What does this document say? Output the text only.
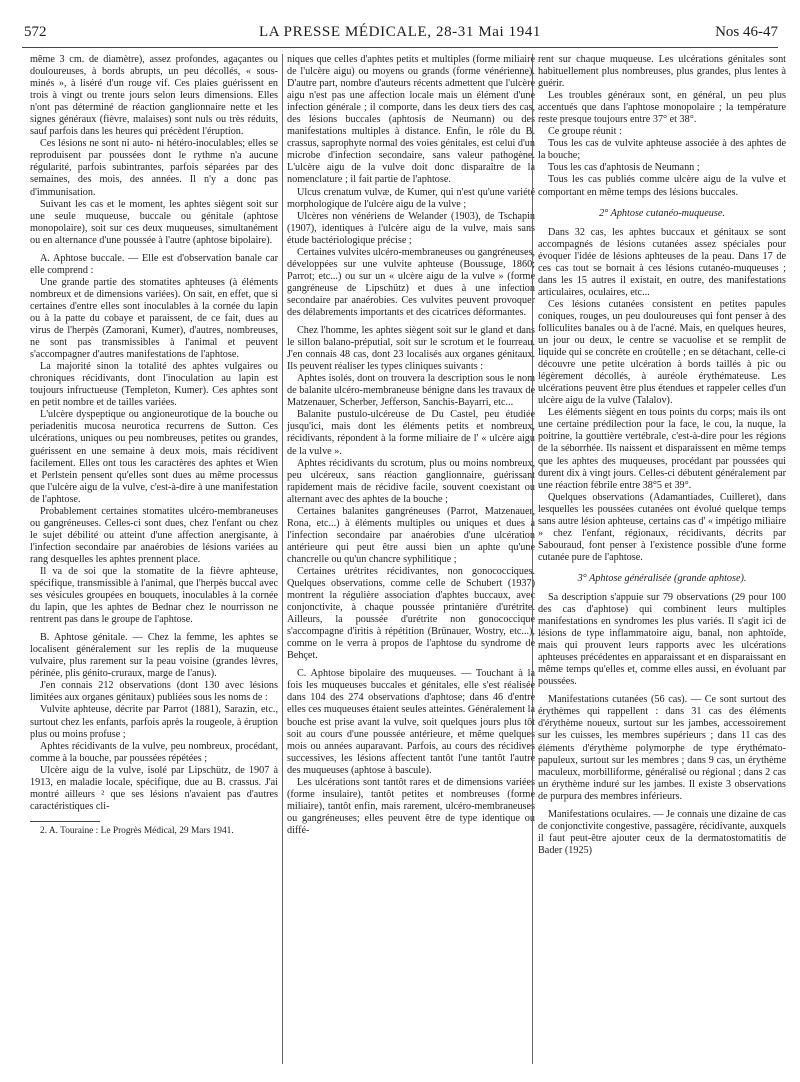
572	LA PRESSE MÉDICALE, 28-31 Mai 1941	Nos 46-47

même 3 cm. de diamètre), assez profondes, agaçantes ou douloureuses, à bords abrupts, un peu décollés, « sous-minés », à liséré d'un rouge vif. Ces plaies guérissent en trois à vingt ou trente jours selon leurs dimensions. Elles n'ont pas déterminé de réaction ganglionnaire nette et les signes généraux (fièvre, malaises) sont nuls ou très réduits, sauf parfois dans les heures qui précèdent l'éruption.

Ces lésions ne sont ni auto- ni hétéro-inoculables; elles se reproduisent par poussées dont le rythme n'a aucune régularité, parfois subintrantes, parfois séparées par des semaines, des mois, des années. Il n'y a donc pas d'immunisation.

Suivant les cas et le moment, les aphtes siègent soit sur une seule muqueuse, buccale ou génitale (aphtose monopolaire), soit sur ces deux muqueuses, simultanément ou en alternance d'une poussée à l'autre (aphtose bipolaire).

A. Aphtose buccale. — Elle est d'observation banale car elle comprend :

Une grande partie des stomatites aphteuses (à éléments nombreux et de dimensions variées). On sait, en effet, que si certaines d'entre elles sont inoculables à la cornée du lapin ou à la patte du cobaye et paraissent, de ce fait, dues au virus de l'herpès (Zamorani, Kumer), d'autres, nombreuses, ne sont pas transmissibles à l'animal et peuvent s'accompagner d'autres manifestations de l'aphtose.

La majorité sinon la totalité des aphtes vulgaires ou chroniques récidivants, dont l'inoculation au lapin est toujours infructueuse (Templeton, Kumer). Ces aphtes sont en petit nombre et de tailles variées.

L'ulcère dyspeptique ou angioneurotique de la bouche ou periadenitis mucosa neurotica recurrens de Sutton. Ces ulcérations, uniques ou peu nombreuses, petites ou grandes, guérissent en une semaine à deux mois, mais récidivent facilement. Elles ont tous les caractères des aphtes et Wien et Perlstein pensent qu'elles sont dues au même processus que l'ulcère aigu de la vulve, c'est-à-dire à une manifestation de l'aphtose.

Probablement certaines stomatites ulcéro-membraneuses ou gangréneuses. Celles-ci sont dues, chez l'enfant ou chez le sujet débilité ou atteint d'une affection anergisante, à l'infection secondaire par anaérobies de lésions variées au rang desquelles les aphtes prennent place.

Il va de soi que la stomatite de la fièvre aphteuse, spécifique, transmissible à l'animal, que l'herpès buccal avec ses vésicules groupées en bouquets, inoculables à la cornée du lapin, que les aphtes de Bednar chez le nourrisson ne rentrent pas dans le groupe de l'aphtose.

B. Aphtose génitale. — Chez la femme, les aphtes se localisent généralement sur les replis de la muqueuse vulvaire, plus rarement sur la peau voisine (grandes lèvres, périnée, plis génito-cruraux, marge de l'anus).

J'en connais 212 observations (dont 130 avec lésions limitées aux organes génitaux) publiées sous les noms de :

Vulvite aphteuse, décrite par Parrot (1881), Sarazin, etc., surtout chez les enfants, parfois après la rougeole, à éruption plus ou moins profuse ;

Aphtes récidivants de la vulve, peu nombreux, procédant, comme à la bouche, par poussées répétées ;

Ulcère aigu de la vulve, isolé par Lipschütz, de 1907 à 1913, en maladie locale, spécifique, due au B. crassus. J'ai montré ailleurs ² que ses lésions n'avaient pas d'autres caractéristiques cli-

2. A. Touraine : Le Progrès Médical, 29 Mars 1941.

niques que celles d'aphtes petits et multiples (forme miliaire de l'ulcère aigu) ou moyens ou grands (forme vénérienne). D'autre part, nombre d'auteurs récents admettent que l'ulcère aigu n'est pas une affection locale mais un élément d'une infection générale ; il comporte, dans les deux tiers des cas, des lésions buccales (aphtosis de Neumann) ou des manifestations multiples à distance. Enfin, le rôle du B. crassus, saprophyte normal des voies génitales, est celui d'un microbe d'infection secondaire, sans valeur pathogène. L'ulcère aigu de la vulve doit donc disparaître de la nomenclature ; il fait partie de l'aphtose.

Ulcus crenatum vulvæ, de Kumer, qui n'est qu'une variété morphologique de l'ulcère aigu de la vulve ;

Ulcères non vénériens de Welander (1903), de Tschapin (1907), identiques à l'ulcère aigu de la vulve, mais sans étude bactériologique précise ;

Certaines vulvites ulcéro-membraneuses ou gangréneuses, développées sur une vulvite aphteuse (Boussuge, 1860; Parrot; etc...) ou sur un « ulcère aigu de la vulve » (forme gangréneuse de Lipschütz) et dues à une infection secondaire par anaérobies. Ces vulvites peuvent provoquer des délabrements importants et des cicatrices déformantes.

Chez l'homme, les aphtes siègent soit sur le gland et dans le sillon balano-préputial, soit sur le scrotum et le fourreau. J'en connais 48 cas, dont 23 localisés aux organes génitaux. Ils peuvent réaliser les types cliniques suivants :

Aphtes isolés, dont on trouvera la description sous le nom de balanite ulcéro-membraneuse bénigne dans les travaux de Matzenauer, Scherber, Jefferson, Sanchis-Bayarri, etc...

Balanite pustulo-ulcéreuse de Du Castel, peu étudiée jusqu'ici, mais dont les éléments petits et nombreux, récidivants, répondent à la forme miliaire de l' « ulcère aigu de la vulve ».

Aphtes récidivants du scrotum, plus ou moins nombreux, peu ulcéreux, sans réaction ganglionnaire, guérissant rapidement mais de récidive facile, souvent coexistant ou alternant avec des aphtes de la bouche ;

Certaines balanites gangréneuses (Parrot, Matzenauer, Rona, etc...) à éléments multiples ou uniques et dues à l'infection secondaire par anaérobies d'une ulcération antérieure qui peut être aussi bien un aphte qu'une chancrelle ou qu'un chancre syphilitique ;

Certaines urétrites récidivantes, non gonococciques. Quelques observations, comme celle de Schubert (1937) montrent la régulière association d'aphtes buccaux, avec conjonctivite, à chaque poussée printanière d'urétrite. Ailleurs, la poussée d'urétrite non gonococcique s'accompagne d'iritis à répétition (Brünauer, Wostry, etc...), comme on le verra à propos de l'aphtose du syndrome de Behçet.

C. Aphtose bipolaire des muqueuses. — Touchant à la fois les muqueuses buccales et génitales, elle s'est réalisée dans 104 des 274 observations d'aphtose; dans 46 d'entre elles ces muqueuses étaient seules atteintes. Généralement la bouche est prise avant la vulve, soit quelques jours plus tôt soit au cours d'une poussée antérieure, et même quelques mois ou années auparavant. Parfois, au cours des récidives successives, les lésions affectent tantôt l'une tantôt l'autre des muqueuses (aphtose à bascule).

Les ulcérations sont tantôt rares et de dimensions variées (forme insulaire), tantôt petites et nombreuses (forme miliaire), tantôt enfin, mais rarement, ulcéro-membraneuses ou gangréneuses; elles peuvent être de type identique ou diffé-

rent sur chaque muqueuse. Les ulcérations génitales sont habituellement plus nombreuses, plus grandes, plus lentes à guérir.

Les troubles généraux sont, en général, un peu plus accentués que dans l'aphtose monopolaire ; la température reste presque toujours entre 37° et 38°.

Ce groupe réunit :

Tous les cas de vulvite aphteuse associée à des aphtes de la bouche;

Tous les cas d'aphtosis de Neumann ;

Tous les cas publiés comme ulcère aigu de la vulve et comportant en même temps des lésions buccales.

2° Aphtose cutanéo-muqueuse.

Dans 32 cas, les aphtes buccaux et génitaux se sont accompagnés de lésions cutanées assez spéciales pour évoquer l'idée de lésions aphteuses de la peau. Dans 17 de ces cas tout se bornait à ces lésions cutanéo-muqueuses ; dans les 15 autres il existait, en outre, des manifestations articulaires, oculaires, etc...

Ces lésions cutanées consistent en petites papules coniques, rouges, un peu douloureuses qui font penser à des folliculites banales ou à de l'acné. Mais, en quelques heures, un jour ou deux, le centre se vacuolise et se remplit de liquide qui se concrète en croûtelle ; en se détachant, celle-ci découvre une petite ulcération à bords taillés à pic ou légèrement décollés, à auréole érythémateuse. Les ulcérations peuvent être plus étendues et rappeler celles d'un ulcère aigu de la vulve (Talalov).

Les éléments siègent en tous points du corps; mais ils ont une certaine prédilection pour la face, le cou, la nuque, la poitrine, la gouttière vertébrale, c'est-à-dire pour les régions de la séborrhée. Ils naissent et disparaissent en même temps que les aphtes des muqueuses, procédant par poussées qui durent dix à vingt jours. Celles-ci débutent généralement par une réaction fébrile entre 38°5 et 39°.

Quelques observations (Adamantiades, Cuilleret), dans lesquelles les poussées cutanées ont évolué quelque temps sans autre lésion aphteuse, certains cas d' « impétigo miliaire » chez l'enfant, régionaux, récidivants, décrits par Sabouraud, font penser à l'existence possible d'une forme cutanée pure de l'aphtose.

3° Aphtose généralisée (grande aphtose).

Sa description s'appuie sur 79 observations (29 pour 100 des cas d'aphtose) qui combinent leurs multiples manifestations en syndromes les plus variés. Il s'agit ici de lésions de type inflammatoire aigu, banal, non aphtoïde, mais qui prouvent leurs rapports avec les ulcérations aphteuses précédentes en apparaissant et en disparaissant en même temps qu'elles et, comme elles aussi, en évoluant par poussées.

Manifestations cutanées (56 cas). — Ce sont surtout des érythèmes qui rappellent : dans 31 cas des éléments d'érythème noueux, surtout sur les jambes, accessoirement sur les cuisses, les membres supérieurs ; dans 11 cas des éléments d'érythème polymorphe de type érythémato-papuleux, surtout sur les membres ; dans 9 cas, un érythème maculeux, morbilliforme, généralisé ou régional ; dans 2 cas un érythème induré sur les jambes. Il existe 3 observations de purpura des membres inférieurs.

Manifestations oculaires. — Je connais une dizaine de cas de conjonctivite congestive, passagère, récidivante, auxquels il faut peut-être ajouter ceux de la dermatostomatitis de Bader (1925)
